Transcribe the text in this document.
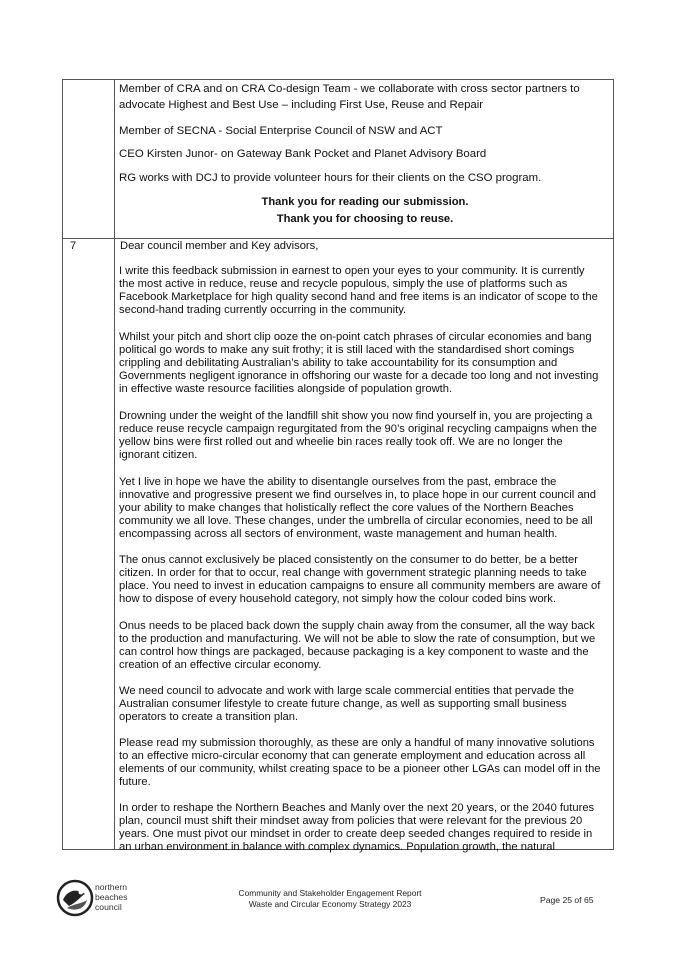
Member of CRA and on CRA Co-design Team - we collaborate with cross sector partners to

advocate Highest and Best Use – including First Use, Reuse and Repair

Member of SECNA - Social Enterprise Council of NSW and ACT

CEO Kirsten Junor- on Gateway Bank Pocket and Planet Advisory Board

RG works with DCJ to provide volunteer hours for their clients on the CSO program.

Thank you for reading our submission.

Thank you for choosing to reuse.

7	Dear council member and Key advisors,

I write this feedback submission in earnest to open your eyes to your community. It is currently

the most active in reduce, reuse and recycle populous, simply the use of platforms such as

Facebook Marketplace for high quality second hand and free items is an indicator of scope to the

second-hand trading currently occurring in the community.

Whilst your pitch and short clip ooze the on-point catch phrases of circular economies and bang

political go words to make any suit frothy; it is still laced with the standardised short comings

crippling and debilitating Australian’s ability to take accountability for its consumption and

Governments negligent ignorance in offshoring our waste for a decade too long and not investing

in effective waste resource facilities alongside of population growth.

Drowning under the weight of the landfill shit show you now find yourself in, you are projecting a

reduce reuse recycle campaign regurgitated from the 90’s original recycling campaigns when the

yellow bins were first rolled out and wheelie bin races really took off. We are no longer the

ignorant citizen.

Yet I live in hope we have the ability to disentangle ourselves from the past, embrace the

innovative and progressive present we find ourselves in, to place hope in our current council and

your ability to make changes that holistically reflect the core values of the Northern Beaches

community we all love. These changes, under the umbrella of circular economies, need to be all

encompassing across all sectors of environment, waste management and human health.

The onus cannot exclusively be placed consistently on the consumer to do better, be a better

citizen. In order for that to occur, real change with government strategic planning needs to take

place. You need to invest in education campaigns to ensure all community members are aware of

how to dispose of every household category, not simply how the colour coded bins work.

Onus needs to be placed back down the supply chain away from the consumer, all the way back

to the production and manufacturing. We will not be able to slow the rate of consumption, but we

can control how things are packaged, because packaging is a key component to waste and the

creation of an effective circular economy.

We need council to advocate and work with large scale commercial entities that pervade the

Australian consumer lifestyle to create future change, as well as supporting small business

operators to create a transition plan.

Please read my submission thoroughly, as these are only a handful of many innovative solutions

to an effective micro-circular economy that can generate employment and education across all

elements of our community, whilst creating space to be a pioneer other LGAs can model off in the

future.

In order to reshape the Northern Beaches and Manly over the next 20 years, or the 2040 futures

plan, council must shift their mindset away from policies that were relevant for the previous 20

years. One must pivot our mindset in order to create deep seeded changes required to reside in

an urban environment in balance with complex dynamics. Population growth, the natural

northern
beaches
council
Community and Stakeholder Engagement Report
Waste and Circular Economy Strategy 2023	Page 25 of 65
